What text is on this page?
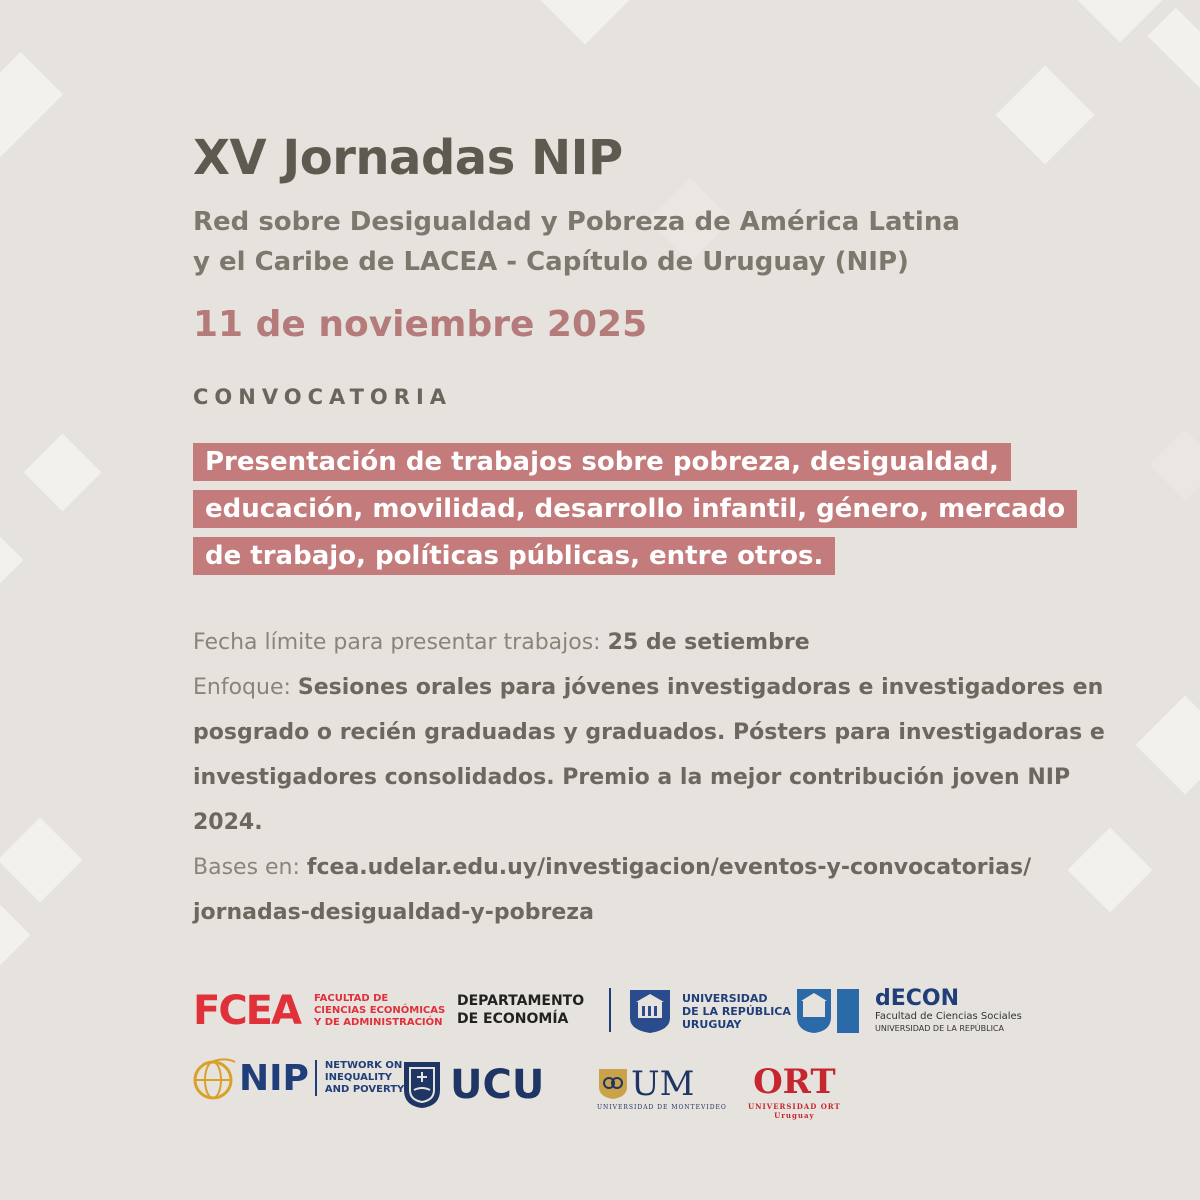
XV Jornadas NIP
Red sobre Desigualdad y Pobreza de América Latina
y el Caribe de LACEA - Capítulo de Uruguay (NIP)
11 de noviembre 2025
CONVOCATORIA
Presentación de trabajos sobre pobreza, desigualdad,
educación, movilidad, desarrollo infantil, género, mercado
de trabajo, políticas públicas, entre otros.
Fecha límite para presentar trabajos: 25 de setiembre
Enfoque: Sesiones orales para jóvenes investigadoras e investigadores en posgrado o recién graduadas y graduados. Pósters para investigadoras e investigadores consolidados. Premio a la mejor contribución joven NIP 2024.
Bases en: fcea.udelar.edu.uy/investigacion/eventos-y-convocatorias/
jornadas-desigualdad-y-pobreza
FCEA FACULTAD DE
CIENCIAS ECONÓMICAS
Y DE ADMINISTRACIÓN
DEPARTAMENTO
DE ECONOMÍA
UNIVERSIDAD
DE LA REPÚBLICA
URUGUAY
dECON
Facultad de Ciencias Sociales
UNIVERSIDAD DE LA REPÚBLICA
NIP NETWORK ON
INEQUALITY
AND POVERTY UCU	UM
UNIVERSIDAD DE MONTEVIDEO
ORT
UNIVERSIDAD ORT
Uruguay
